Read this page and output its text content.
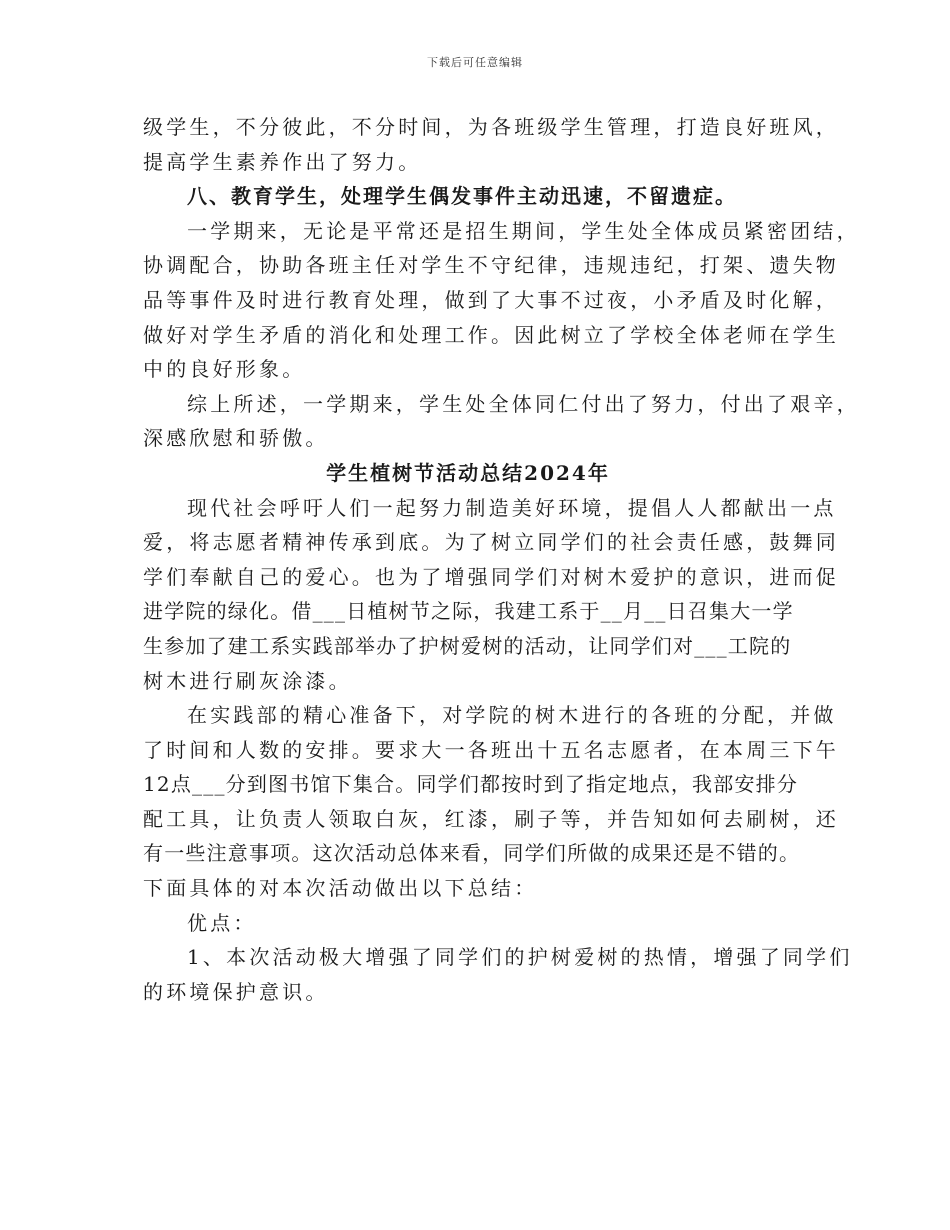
下载后可任意编辑
级学生，不分彼此，不分时间，为各班级学生管理，打造良好班风，
提高学生素养作出了努力。
八、教育学生，处理学生偶发事件主动迅速，不留遗症。
一学期来，无论是平常还是招生期间，学生处全体成员紧密团结，
协调配合，协助各班主任对学生不守纪律，违规违纪，打架、遗失物
品等事件及时进行教育处理，做到了大事不过夜，小矛盾及时化解，
做好对学生矛盾的消化和处理工作。因此树立了学校全体老师在学生
中的良好形象。
综上所述，一学期来，学生处全体同仁付出了努力，付出了艰辛，
深感欣慰和骄傲。
学生植树节活动总结2024年
现代社会呼吁人们一起努力制造美好环境，提倡人人都献出一点
爱，将志愿者精神传承到底。为了树立同学们的社会责任感，鼓舞同
学们奉献自己的爱心。也为了增强同学们对树木爱护的意识，进而促
进学院的绿化。借___日植树节之际，我建工系于__月__日召集大一学
生参加了建工系实践部举办了护树爱树的活动，让同学们对___工院的
树木进行刷灰涂漆。
在实践部的精心准备下，对学院的树木进行的各班的分配，并做
了时间和人数的安排。要求大一各班出十五名志愿者，在本周三下午
12点___分到图书馆下集合。同学们都按时到了指定地点，我部安排分
配工具，让负责人领取白灰，红漆，刷子等，并告知如何去刷树，还
有一些注意事项。这次活动总体来看，同学们所做的成果还是不错的。
下面具体的对本次活动做出以下总结：
优点：
1、本次活动极大增强了同学们的护树爱树的热情，增强了同学们
的环境保护意识。
